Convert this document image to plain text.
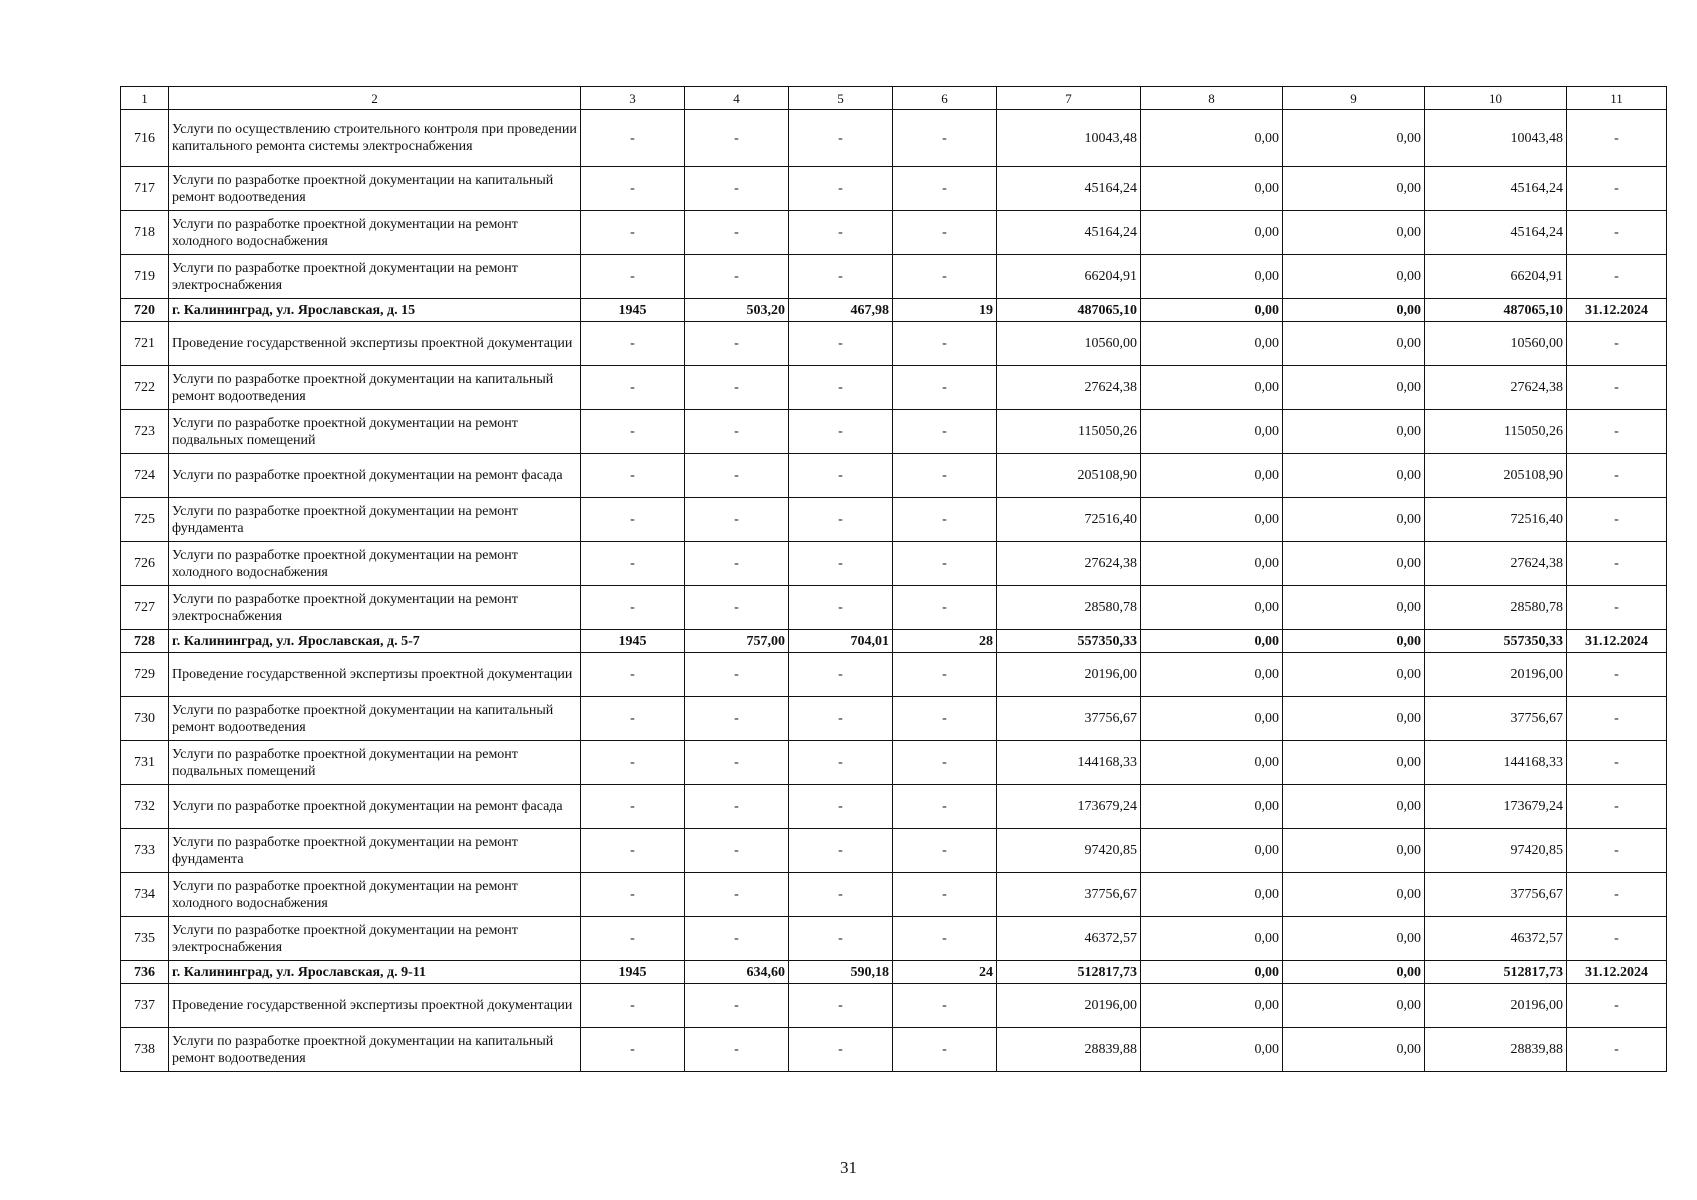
1	2	3	4	5	6	7	8	9	10	11
716	Услуги по осуществлению строительного контроля при проведении капитального ремонта системы электроснабжения	-	-	-	-	10043,48	0,00	0,00	10043,48	-
717	Услуги по разработке проектной документации на капитальный ремонт водоотведения	-	-	-	-	45164,24	0,00	0,00	45164,24	-
718	Услуги по разработке проектной документации на ремонт холодного водоснабжения	-	-	-	-	45164,24	0,00	0,00	45164,24	-
719	Услуги по разработке проектной документации на ремонт электроснабжения	-	-	-	-	66204,91	0,00	0,00	66204,91	-
720	г. Калининград, ул. Ярославская, д. 15	1945	503,20	467,98	19	487065,10	0,00	0,00	487065,10	31.12.2024
721	Проведение государственной экспертизы проектной документации	-	-	-	-	10560,00	0,00	0,00	10560,00	-
722	Услуги по разработке проектной документации на капитальный ремонт водоотведения	-	-	-	-	27624,38	0,00	0,00	27624,38	-
723	Услуги по разработке проектной документации на ремонт подвальных помещений	-	-	-	-	115050,26	0,00	0,00	115050,26	-
724	Услуги по разработке проектной документации на ремонт фасада	-	-	-	-	205108,90	0,00	0,00	205108,90	-
725	Услуги по разработке проектной документации на ремонт фундамента	-	-	-	-	72516,40	0,00	0,00	72516,40	-
726	Услуги по разработке проектной документации на ремонт холодного водоснабжения	-	-	-	-	27624,38	0,00	0,00	27624,38	-
727	Услуги по разработке проектной документации на ремонт электроснабжения	-	-	-	-	28580,78	0,00	0,00	28580,78	-
728	г. Калининград, ул. Ярославская, д. 5-7	1945	757,00	704,01	28	557350,33	0,00	0,00	557350,33	31.12.2024
729	Проведение государственной экспертизы проектной документации	-	-	-	-	20196,00	0,00	0,00	20196,00	-
730	Услуги по разработке проектной документации на капитальный ремонт водоотведения	-	-	-	-	37756,67	0,00	0,00	37756,67	-
731	Услуги по разработке проектной документации на ремонт подвальных помещений	-	-	-	-	144168,33	0,00	0,00	144168,33	-
732	Услуги по разработке проектной документации на ремонт фасада	-	-	-	-	173679,24	0,00	0,00	173679,24	-
733	Услуги по разработке проектной документации на ремонт фундамента	-	-	-	-	97420,85	0,00	0,00	97420,85	-
734	Услуги по разработке проектной документации на ремонт холодного водоснабжения	-	-	-	-	37756,67	0,00	0,00	37756,67	-
735	Услуги по разработке проектной документации на ремонт электроснабжения	-	-	-	-	46372,57	0,00	0,00	46372,57	-
736	г. Калининград, ул. Ярославская, д. 9-11	1945	634,60	590,18	24	512817,73	0,00	0,00	512817,73	31.12.2024
737	Проведение государственной экспертизы проектной документации	-	-	-	-	20196,00	0,00	0,00	20196,00	-
738	Услуги по разработке проектной документации на капитальный ремонт водоотведения	-	-	-	-	28839,88	0,00	0,00	28839,88	-
31
